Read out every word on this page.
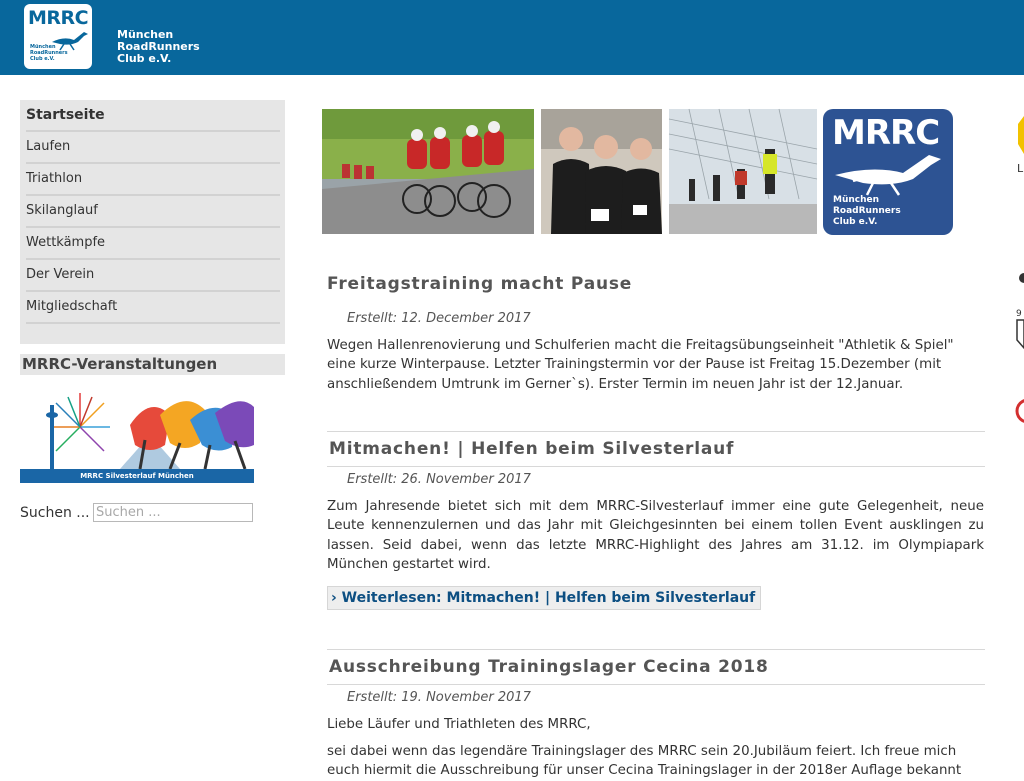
MRRC
München RoadRunners Club e.V.
München
RoadRunners
Club e.V.
Startseite
Laufen
Triathlon
Skilanglauf
Wettkämpfe
Der Verein
Mitgliedschaft
MRRC-Veranstaltungen
MRRC Silvesterlauf München
Suchen ...
Suchen ...
MRRC
München
RoadRunners
Club e.V.
Freitagstraining macht Pause
Erstellt: 12. December 2017
Wegen Hallenrenovierung und Schulferien macht die Freitagsübungseinheit "Athletik & Spiel" eine kurze Winterpause. Letzter Trainingstermin vor der Pause ist Freitag 15.Dezember (mit anschließendem Umtrunk im Gerner`s). Erster Termin im neuen Jahr ist der 12.Januar.
Mitmachen! | Helfen beim Silvesterlauf
Erstellt: 26. November 2017
Zum Jahresende bietet sich mit dem MRRC-Silvesterlauf immer eine gute Gelegenheit, neue Leute kennenzulernen und das Jahr mit Gleichgesinnten bei einem tollen Event ausklingen zu lassen. Seid dabei, wenn das letzte MRRC-Highlight des Jahres am 31.12. im Olympiapark München gestartet wird.
› Weiterlesen: Mitmachen! | Helfen beim Silvesterlauf
Ausschreibung Trainingslager Cecina 2018
Erstellt: 19. November 2017
Liebe Läufer und Triathleten des MRRC,
sei dabei wenn das legendäre Trainingslager des MRRC sein 20.Jubiläum feiert. Ich freue mich euch hiermit die Ausschreibung für unser Cecina Trainingslager in der 2018er Auflage bekannt
L
9
